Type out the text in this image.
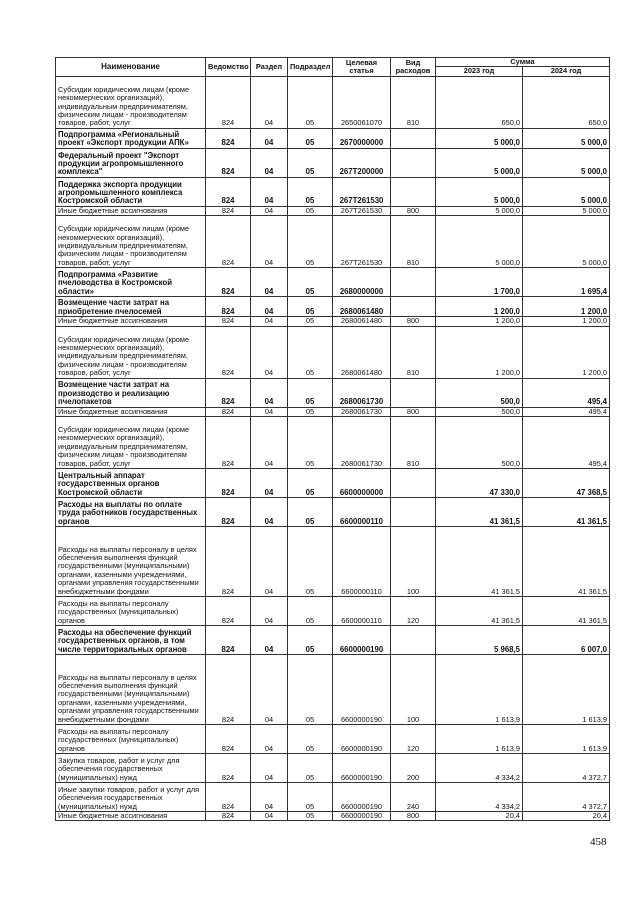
Наименование	Ведомство	Раздел	Подраздел	Целевая статья	Вид расходов	Сумма	
						2023 год	2024 год
Субсидии юридическим лицам (кроме некоммерческих организаций), индивидуальным предпринимателям, физическим лицам - производителям товаров, работ, услуг	824	04	05	2650061070	810	650,0	650,0
Подпрограмма «Региональный проект «Экспорт продукции АПК»	824	04	05	2670000000		5 000,0	5 000,0
Федеральный проект "Экспорт продукции агропромышленного комплекса"	824	04	05	267T200000		5 000,0	5 000,0
Поддержка экспорта продукции агропромышленного комплекса Костромской области	824	04	05	267T261530		5 000,0	5 000,0
Иные бюджетные ассигнования	824	04	05	267T261530	800	5 000,0	5 000,0
Субсидии юридическим лицам (кроме некоммерческих организаций), индивидуальным предпринимателям, физическим лицам - производителям товаров, работ, услуг	824	04	05	267T261530	810	5 000,0	5 000,0
Подпрограмма «Развитие пчеловодства в Костромской области»	824	04	05	2680000000		1 700,0	1 695,4
Возмещение части затрат на приобретение пчелосемей	824	04	05	2680061480		1 200,0	1 200,0
Иные бюджетные ассигнования	824	04	05	2680061480	800	1 200,0	1 200,0
Субсидии юридическим лицам (кроме некоммерческих организаций), индивидуальным предпринимателям, физическим лицам - производителям товаров, работ, услуг	824	04	05	2680061480	810	1 200,0	1 200,0
Возмещение части затрат на производство и реализацию пчелопакетов	824	04	05	2680061730		500,0	495,4
Иные бюджетные ассигнования	824	04	05	2680061730	800	500,0	495,4
Субсидии юридическим лицам (кроме некоммерческих организаций), индивидуальным предпринимателям, физическим лицам - производителям товаров, работ, услуг	824	04	05	2680061730	810	500,0	495,4
Центральный аппарат государственных органов Костромской области	824	04	05	6600000000		47 330,0	47 368,5
Расходы на выплаты по оплате труда работников государственных органов	824	04	05	6600000110		41 361,5	41 361,5
Расходы на выплаты персоналу в целях обеспечения выполнения функций государственными (муниципальными) органами, казенными учреждениями, органами управления государственными внебюджетными фондами	824	04	05	6600000110	100	41 361,5	41 361,5
Расходы на выплаты персоналу государственных (муниципальных) органов	824	04	05	6600000110	120	41 361,5	41 361,5
Расходы на обеспечение функций государственных органов, в том числе территориальных органов	824	04	05	6600000190		5 968,5	6 007,0
Расходы на выплаты персоналу в целях обеспечения выполнения функций государственными (муниципальными) органами, казенными учреждениями, органами управления государственными внебюджетными фондами	824	04	05	6600000190	100	1 613,9	1 613,9
Расходы на выплаты персоналу государственных (муниципальных) органов	824	04	05	6600000190	120	1 613,9	1 613,9
Закупка товаров, работ и услуг для обеспечения государственных (муниципальных) нужд	824	04	05	6600000190	200	4 334,2	4 372,7
Иные закупки товаров, работ и услуг для обеспечения государственных (муниципальных) нужд	824	04	05	6600000190	240	4 334,2	4 372,7
Иные бюджетные ассигнования	824	04	05	6600000190	800	20,4	20,4
458
